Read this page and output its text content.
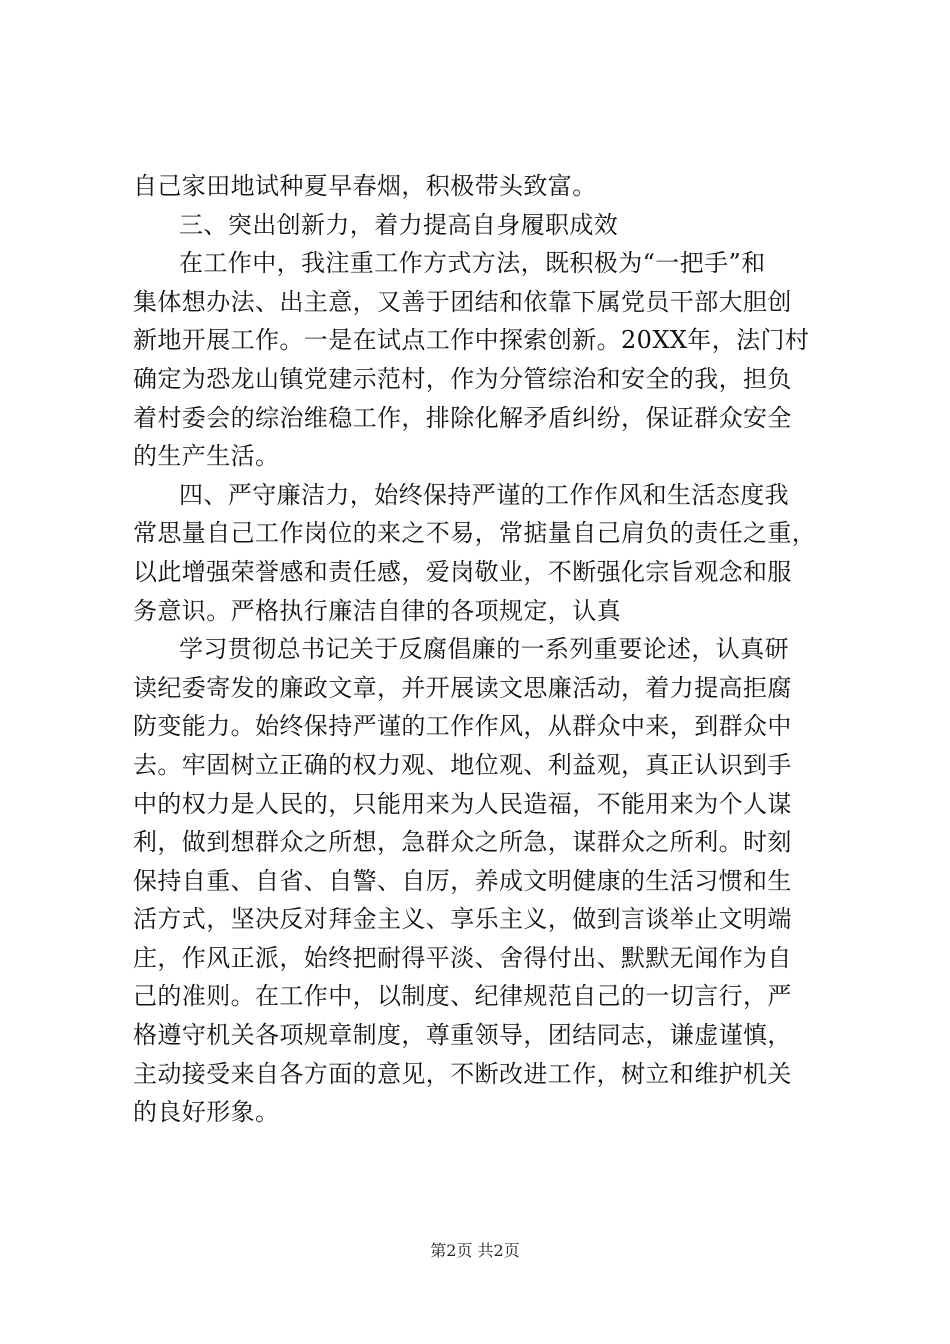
自己家田地试种夏早春烟，积极带头致富。
三、突出创新力，着力提高自身履职成效
在工作中，我注重工作方式方法，既积极为“一把手”和
集体想办法、出主意，又善于团结和依靠下属党员干部大胆创
新地开展工作。一是在试点工作中探索创新。20XX年，法门村
确定为恐龙山镇党建示范村，作为分管综治和安全的我，担负
着村委会的综治维稳工作，排除化解矛盾纠纷，保证群众安全
的生产生活。
四、严守廉洁力，始终保持严谨的工作作风和生活态度我
常思量自己工作岗位的来之不易，常掂量自己肩负的责任之重，
以此增强荣誉感和责任感，爱岗敬业，不断强化宗旨观念和服
务意识。严格执行廉洁自律的各项规定，认真
学习贯彻总书记关于反腐倡廉的一系列重要论述，认真研
读纪委寄发的廉政文章，并开展读文思廉活动，着力提高拒腐
防变能力。始终保持严谨的工作作风，从群众中来，到群众中
去。牢固树立正确的权力观、地位观、利益观，真正认识到手
中的权力是人民的，只能用来为人民造福，不能用来为个人谋
利，做到想群众之所想，急群众之所急，谋群众之所利。时刻
保持自重、自省、自警、自厉，养成文明健康的生活习惯和生
活方式，坚决反对拜金主义、享乐主义，做到言谈举止文明端
庄，作风正派，始终把耐得平淡、舍得付出、默默无闻作为自
己的准则。在工作中，以制度、纪律规范自己的一切言行，严
格遵守机关各项规章制度，尊重领导，团结同志，谦虚谨慎，
主动接受来自各方面的意见，不断改进工作，树立和维护机关
的良好形象。
第2页 共2页
